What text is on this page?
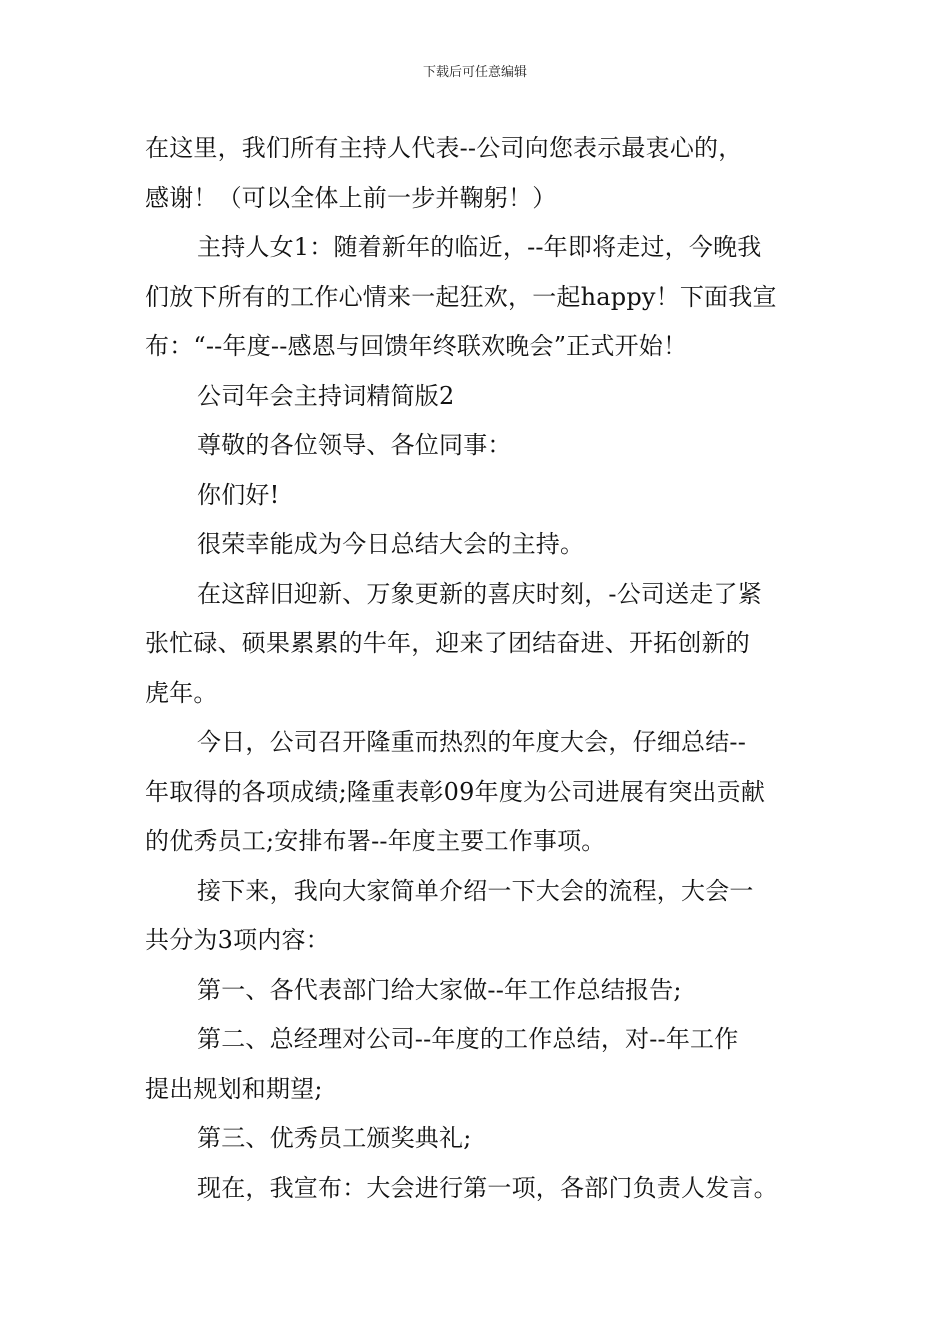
下载后可任意编辑
在这里，我们所有主持人代表--公司向您表示最衷心的，
感谢！（可以全体上前一步并鞠躬！）
主持人女1：随着新年的临近，--年即将走过，今晚我
们放下所有的工作心情来一起狂欢，一起happy！下面我宣
布：“--年度--感恩与回馈年终联欢晚会”正式开始！
公司年会主持词精简版2
尊敬的各位领导、各位同事：
你们好!
很荣幸能成为今日总结大会的主持。
在这辞旧迎新、万象更新的喜庆时刻，-公司送走了紧
张忙碌、硕果累累的牛年，迎来了团结奋进、开拓创新的
虎年。
今日，公司召开隆重而热烈的年度大会，仔细总结--
年取得的各项成绩;隆重表彰09年度为公司进展有突出贡献
的优秀员工;安排布署--年度主要工作事项。
接下来，我向大家简单介绍一下大会的流程，大会一
共分为3项内容：
第一、各代表部门给大家做--年工作总结报告;
第二、总经理对公司--年度的工作总结，对--年工作
提出规划和期望;
第三、优秀员工颁奖典礼;
现在，我宣布：大会进行第一项，各部门负责人发言。
